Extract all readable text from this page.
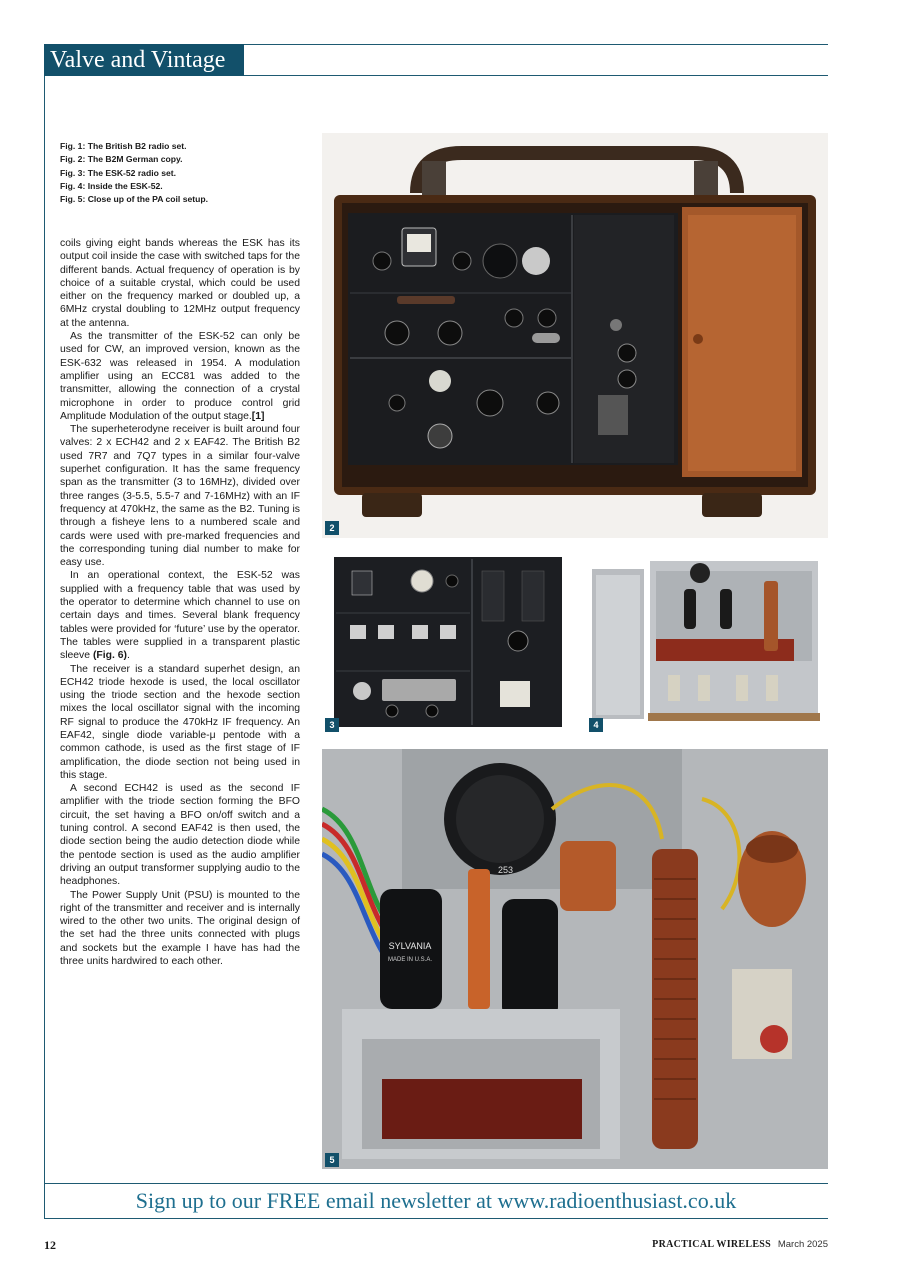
Valve and Vintage
Fig. 1: The British B2 radio set.
Fig. 2: The B2M German copy.
Fig. 3: The ESK-52 radio set.
Fig. 4: Inside the ESK-52.
Fig. 5: Close up of the PA coil setup.

coils giving eight bands whereas the ESK has its output coil inside the case with switched taps for the different bands. Actual frequency of operation is by choice of a suitable crystal, which could be used either on the frequency marked or doubled up, a 6MHz crystal doubling to 12MHz output frequency at the antenna.

As the transmitter of the ESK-52 can only be used for CW, an improved version, known as the ESK-632 was released in 1954. A modulation amplifier using an ECC81 was added to the transmitter, allowing the connection of a crystal microphone in order to produce control grid Amplitude Modulation of the output stage.[1]

The superheterodyne receiver is built around four valves: 2 x ECH42 and 2 x EAF42. The British B2 used 7R7 and 7Q7 types in a similar four-valve superhet configuration. It has the same frequency span as the transmitter (3 to 16MHz), divided over three ranges (3-5.5, 5.5-7 and 7-16MHz) with an IF frequency at 470kHz, the same as the B2. Tuning is through a fisheye lens to a numbered scale and cards were used with pre-marked frequencies and the corresponding tuning dial number to make for easy use.

In an operational context, the ESK-52 was supplied with a frequency table that was used by the operator to determine which channel to use on certain days and times. Several blank frequency tables were provided for ‘future’ use by the operator. The tables were supplied in a transparent plastic sleeve (Fig. 6).

The receiver is a standard superhet design, an ECH42 triode hexode is used, the local oscillator using the triode section and the hexode section mixes the local oscillator signal with the incoming RF signal to produce the 470kHz IF frequency. An EAF42, single diode variable-μ pentode with a common cathode, is used as the first stage of IF amplification, the diode section not being used in this stage.

A second ECH42 is used as the second IF amplifier with the triode section forming the BFO circuit, the set having a BFO on/off switch and a tuning control. A second EAF42 is then used, the diode section being the audio detection diode while the pentode section is used as the audio amplifier driving an output transformer supplying audio to the headphones.

The Power Supply Unit (PSU) is mounted to the right of the transmitter and receiver and is internally wired to the other two units. The original design of the set had the three units connected with plugs and sockets but the example I have has had the three units hardwired to each other.

2
3	4
253
SYLVANIA
MADE IN U.S.A.
5
Sign up to our FREE email newsletter at www.radioenthusiast.co.uk
12	PRACTICAL WIRELESS March 2025
